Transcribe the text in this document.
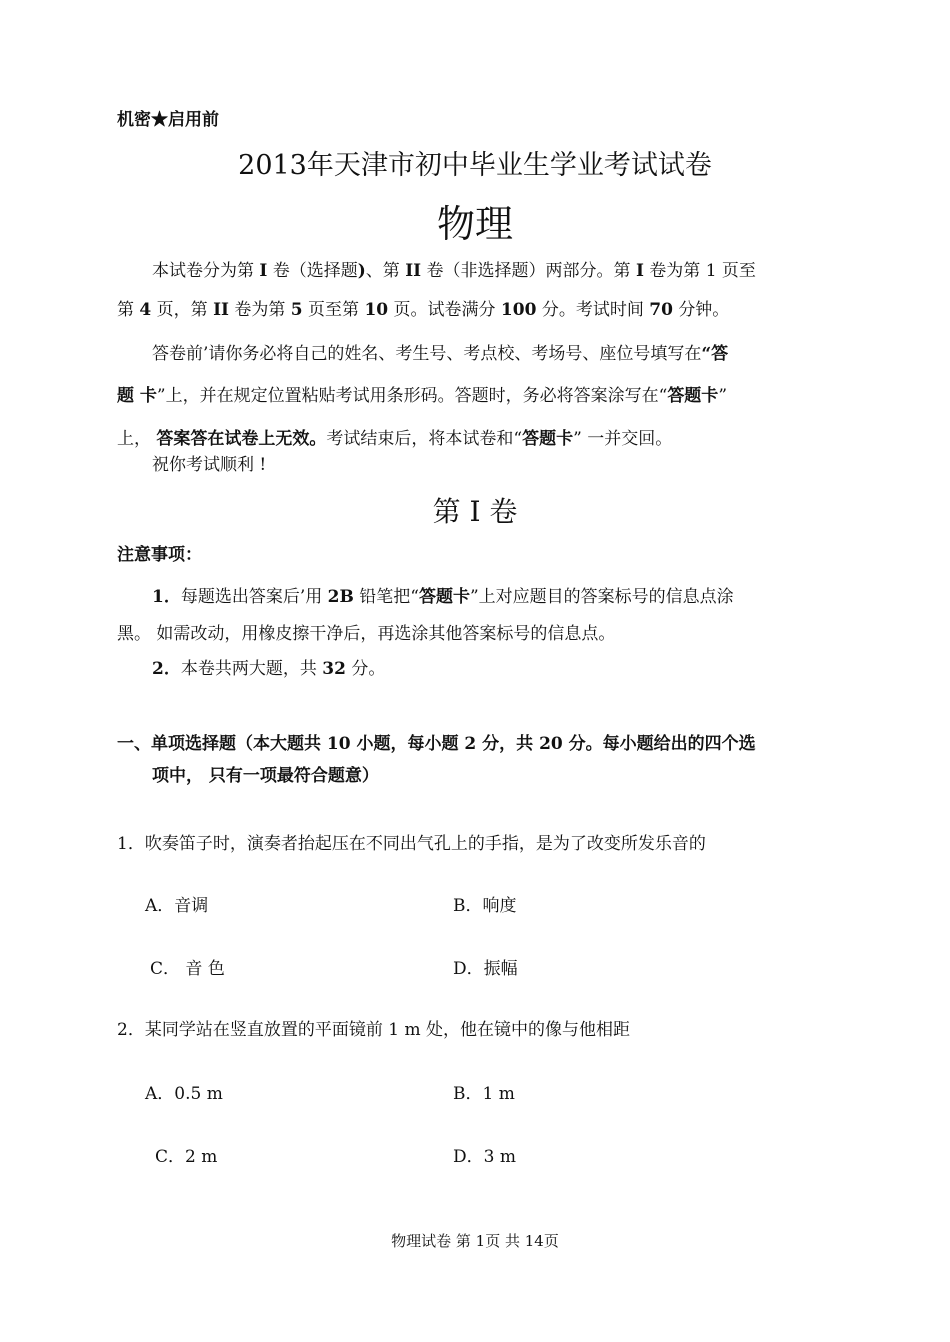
机密★启用前
2013年天津市初中毕业生学业考试试卷
物理
本试卷分为第 I 卷（选择题)、第 II 卷（非选择题）两部分。第 I 卷为第 1 页至
第 4 页，第 II 卷为第 5 页至第 10 页。试卷满分 100 分。考试时间 70 分钟。
答卷前’请你务必将自己的姓名、考生号、考点校、考场号、座位号填写在“答
题 卡”上，并在规定位置粘贴考试用条形码。答题时，务必将答案涂写在“答题卡”
上， 答案答在试卷上无效。考试结束后，将本试卷和“答题卡” 一并交回。
祝你考试顺利 !
第 I 卷
注意事项：
1．每题选出答案后’用 2B 铅笔把“答题卡”上对应题目的答案标号的信息点涂
黑。 如需改动，用橡皮擦干净后，再选涂其他答案标号的信息点。
2．本卷共两大题，共 32 分。
一、单项选择题（本大题共 10 小题，每小题 2 分，共 20 分。每小题给出的四个选
项中， 只有一项最符合题意）
1．吹奏笛子时，演奏者抬起压在不同出气孔上的手指，是为了改变所发乐音的
A．音调	B．响度
C． 音 色	D．振幅
2．某同学站在竖直放置的平面镜前 1 m 处，他在镜中的像与他相距
A．0.5 m	B．1 m
C．2 m	D．3 m
物理试卷 第 1页 共 14页
